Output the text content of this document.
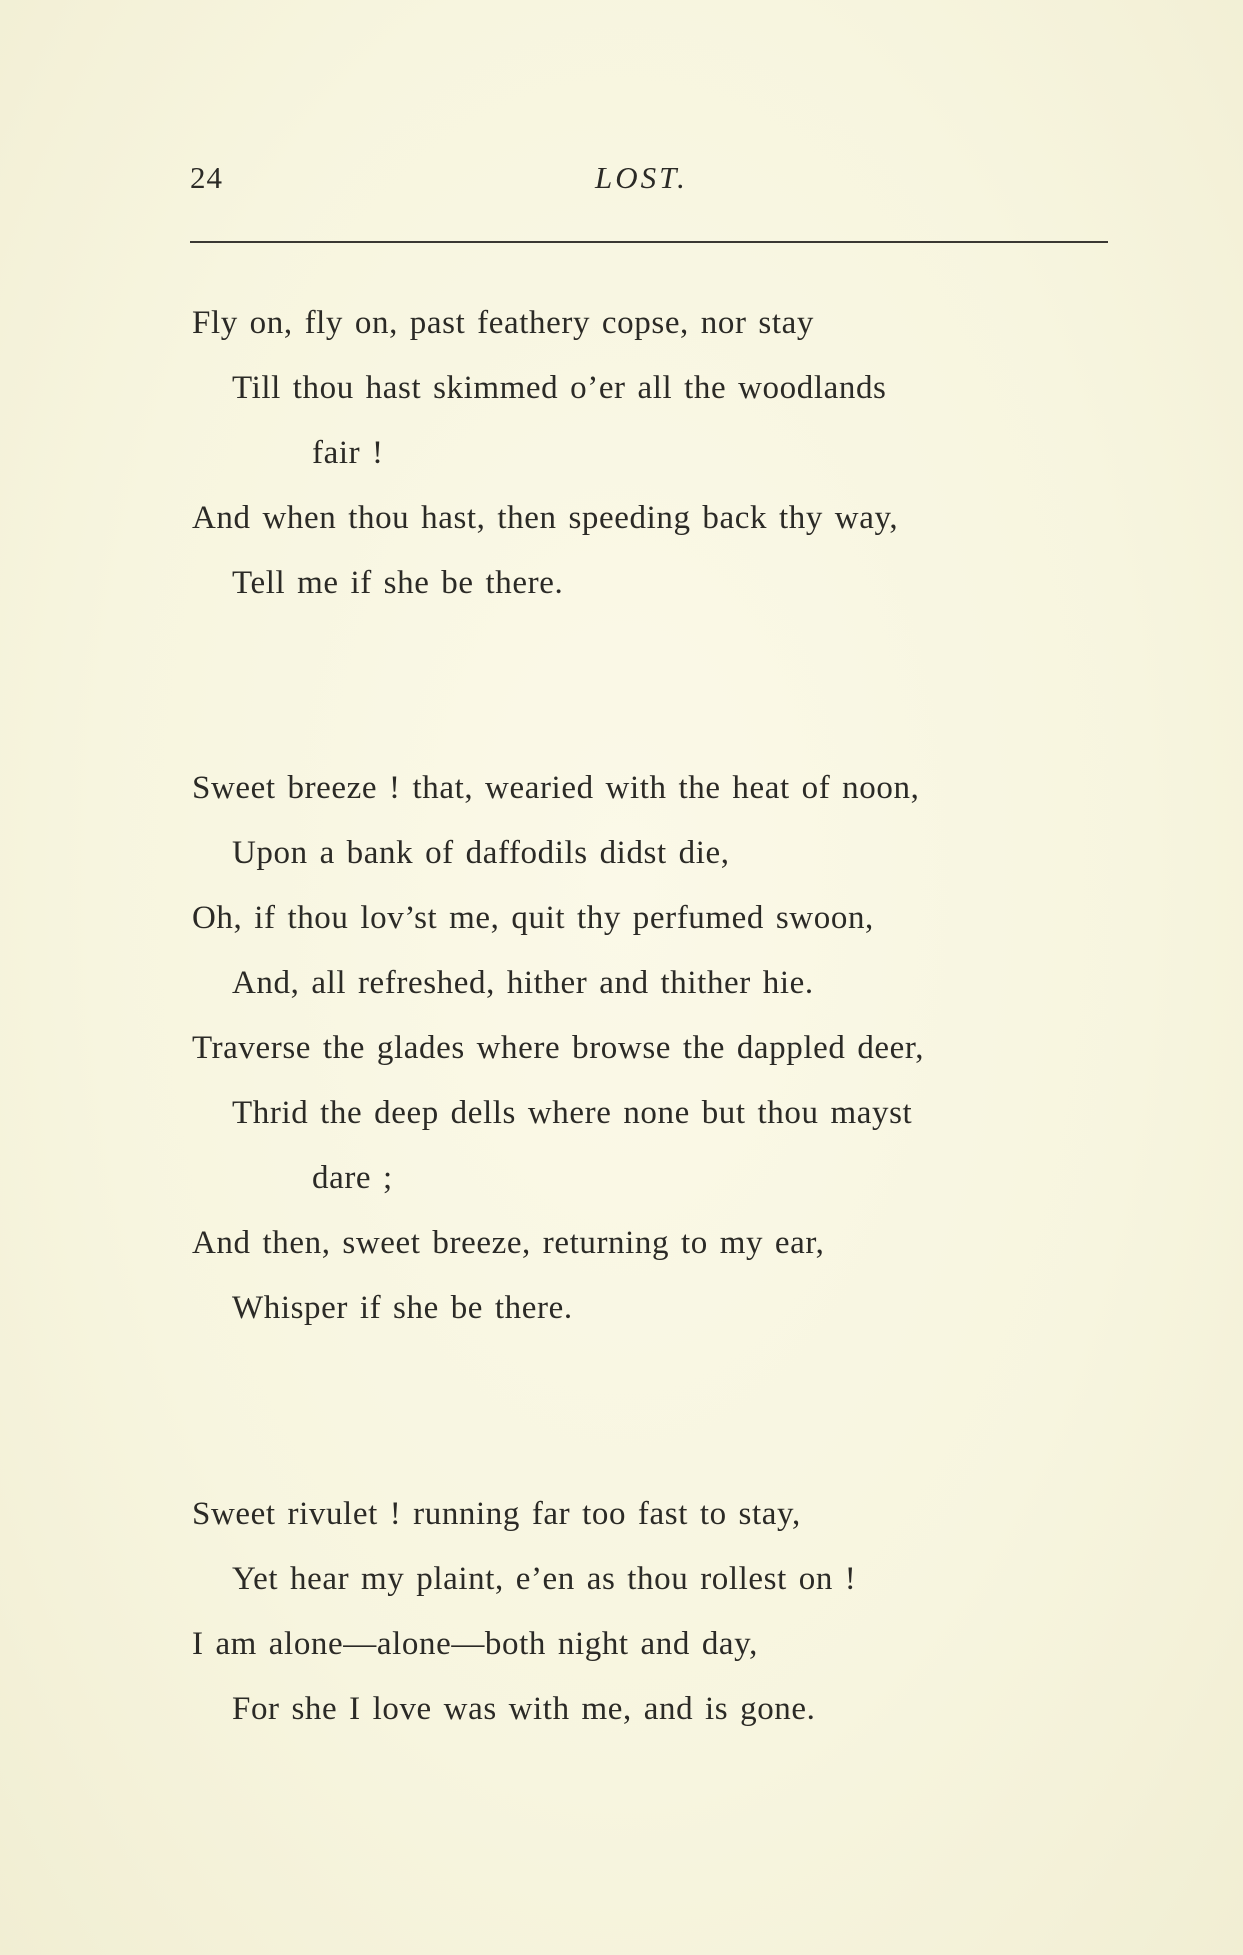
24	LOST.
Fly on, fly on, past feathery copse, nor stay
Till thou hast skimmed o’er all the woodlands
fair !
And when thou hast, then speeding back thy way,
Tell me if she be there.
Sweet breeze ! that, wearied with the heat of noon,
Upon a bank of daffodils didst die,
Oh, if thou lov’st me, quit thy perfumed swoon,
And, all refreshed, hither and thither hie.
Traverse the glades where browse the dappled deer,
Thrid the deep dells where none but thou mayst
dare ;
And then, sweet breeze, returning to my ear,
Whisper if she be there.
Sweet rivulet ! running far too fast to stay,
Yet hear my plaint, e’en as thou rollest on !
I am alone—alone—both night and day,
For she I love was with me, and is gone.
